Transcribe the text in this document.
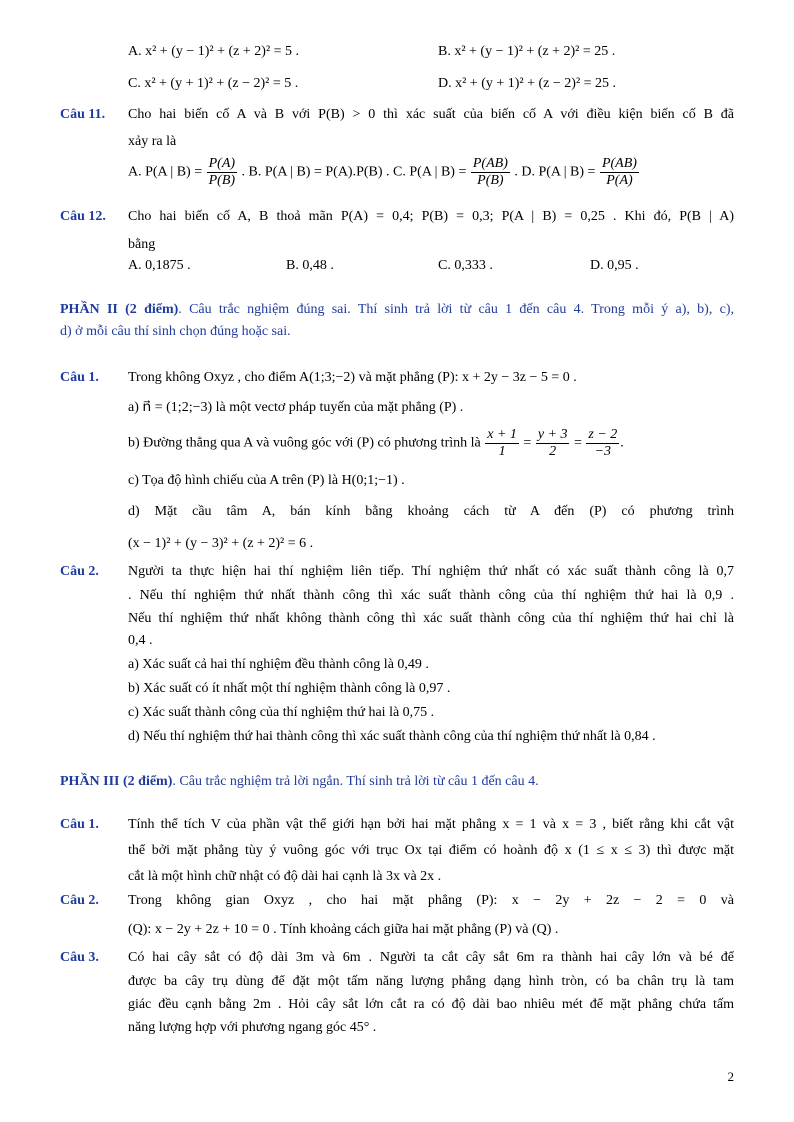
A. x² + (y − 1)² + (z + 2)² = 5 .	B. x² + (y − 1)² + (z + 2)² = 25 .
C. x² + (y + 1)² + (z − 2)² = 5 .	D. x² + (y + 1)² + (z − 2)² = 25 .
Câu 11. Cho hai biến cố A và B với P(B) > 0 thì xác suất của biến cố A với điều kiện biến cố B đã
xảy ra là
A. P(A | $B) = \frac{P(A)}{P(B)}$ . B. P(A | B) = P(A).P(B) . C. P(A | $B) = \frac{P(AB)}{P(B)}$ . D. P(A | $B) = \frac{P(AB)}{P(A)}$
Câu 12. Cho hai biến cố A, B thoả mãn P(A) = 0,4; P(B) = 0,3; P(A | B) = 0,25 . Khi đó, P(B | A)
bằng
A. 0,1875 .	B. 0,48 .	C. 0,333 .	D. 0,95 .
PHẦN II (2 điểm). Câu trắc nghiệm đúng sai. Thí sinh trả lời từ câu 1 đến câu 4. Trong mỗi ý a), b), c),
d) ở mỗi câu thí sinh chọn đúng hoặc sai.
Câu 1. Trong không Oxyz , cho điểm A(1;3;−2) và mặt phẳng (P): x + 2y − 3z − 5 = 0 .
a) n⃗ = (1;2;−3) là một vectơ pháp tuyến của mặt phẳng (P) .
b) Đường thẳng qua A và vuông góc với (P) có phương trình là $\frac{x + 1}{1} = \frac{y + 3}{2} = \frac{z - 2}{-3}$ .
c) Tọa độ hình chiếu của A trên (P) là H(0;1;−1) .
d) Mặt cầu tâm A, bán kính bằng khoảng cách từ A đến (P) có phương trình
(x − 1)² + (y − 3)² + (z + 2)² = 6 .
Câu 2. Người ta thực hiện hai thí nghiệm liên tiếp. Thí nghiệm thứ nhất có xác suất thành công là 0,7
. Nếu thí nghiệm thứ nhất thành công thì xác suất thành công của thí nghiệm thứ hai là 0,9 .
Nếu thí nghiệm thứ nhất không thành công thì xác suất thành công của thí nghiệm thứ hai chỉ là
0,4 .
a) Xác suất cả hai thí nghiệm đều thành công là 0,49 .
b) Xác suất có ít nhất một thí nghiệm thành công là 0,97 .
c) Xác suất thành công của thí nghiệm thứ hai là 0,75 .
d) Nếu thí nghiệm thứ hai thành công thì xác suất thành công của thí nghiệm thứ nhất là 0,84 .
PHẦN III (2 điểm). Câu trắc nghiệm trả lời ngắn. Thí sinh trả lời từ câu 1 đến câu 4.
Câu 1. Tính thể tích V của phần vật thể giới hạn bởi hai mặt phẳng x = 1 và x = 3 , biết rằng khi cắt vật
thể bởi mặt phẳng tùy ý vuông góc với trục Ox tại điểm có hoành độ x (1 ≤ x ≤ 3) thì được mặt
cắt là một hình chữ nhật có độ dài hai cạnh là 3x và 2x .
Câu 2. Trong không gian Oxyz , cho hai mặt phẳng (P): x − 2y + 2z − 2 = 0 và
(Q): x − 2y + 2z + 10 = 0 . Tính khoảng cách giữa hai mặt phẳng (P) và (Q) .
Câu 3. Có hai cây sắt có độ dài 3m và 6m . Người ta cắt cây sắt 6m ra thành hai cây lớn và bé để
được ba cây trụ dùng để đặt một tấm năng lượng phẳng dạng hình tròn, có ba chân trụ là tam
giác đều cạnh bằng 2m . Hỏi cây sắt lớn cắt ra có độ dài bao nhiêu mét để mặt phẳng chứa tấm
năng lượng hợp với phương ngang góc 45° .
2
